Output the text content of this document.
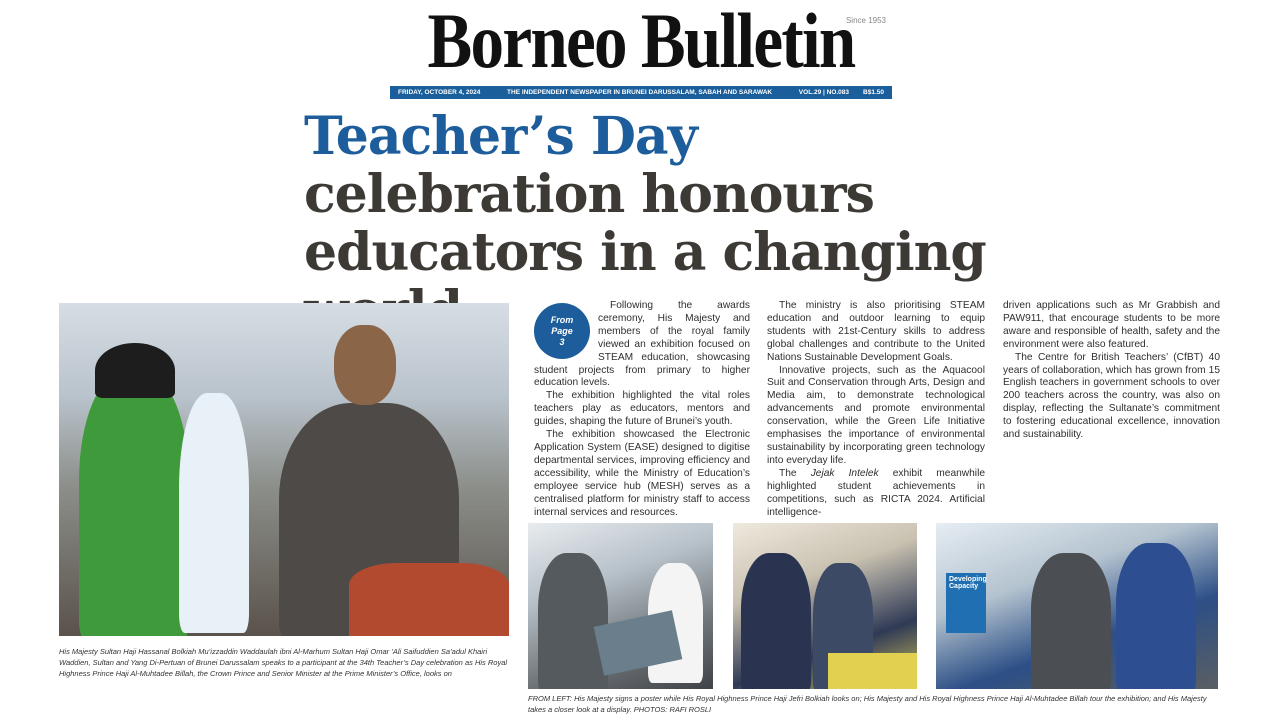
Borneo Bulletin
Since 1953
FRIDAY, OCTOBER 4, 2024	THE INDEPENDENT NEWSPAPER IN BRUNEI DARUSSALAM, SABAH AND SARAWAK	VOL.29 | NO.083 B$1.50
Teacher’s Day celebration honours educators in a changing
His Majesty Sultan Haji Hassanal Bolkiah Mu’izzaddin Waddaulah ibni Al-Marhum Sultan Haji Omar ’Ali Saifuddien Sa’adul Khairi Waddien, Sultan and Yang Di-Pertuan of Brunei Darussalam speaks to a participant at the 34th Teacher’s Day celebration as His Royal Highness Prince Haji Al-Muhtadee Billah, the Crown Prince and Senior Minister at the Prime Minister’s Office, looks on
From
Page
3

Following the awards ceremony, His Majesty and members of the royal family viewed an exhibition focused on STEAM education, showcasing student projects from primary to higher education levels.

The exhibition highlighted the vital roles teachers play as educators, mentors and guides, shaping the future of Brunei’s youth.

The exhibition showcased the Electronic Application System (EASE) designed to digitise departmental services, improving efficiency and accessibility, while the Ministry of Education’s employee service hub (MESH) serves as a centralised platform for ministry staff to access internal services and resources.

The ministry is also prioritising STEAM education and outdoor learning to equip students with 21st-Century skills to address global challenges and contribute to the United Nations Sustainable Development Goals.

Innovative projects, such as the Aquacool Suit and Conservation through Arts, Design and Media aim, to demonstrate technological advancements and promote environmental conservation, while the Green Life Initiative emphasises the importance of environmental sustainability by incorporating green technology into everyday life.

The Jejak Intelek exhibit meanwhile highlighted student achievements in competitions, such as RICTA 2024. Artificial intelligence-

driven applications such as Mr Grabbish and PAW911, that encourage students to be more aware and responsible of health, safety and the environment were also featured.

The Centre for British Teachers’ (CfBT) 40 years of collaboration, which has grown from 15 English teachers in government schools to over 200 teachers across the country, was also on display, reflecting the Sultanate’s commitment to fostering educational excellence, innovation and sustainability.

Developing Capacity
FROM LEFT: His Majesty signs a poster while His Royal Highness Prince Haji Jefri Bolkiah looks on; His Majesty and His Royal Highness Prince Haji Al-Muhtadee Billah tour the exhibition; and His Majesty takes a closer look at a display. PHOTOS: RAFI ROSLI
